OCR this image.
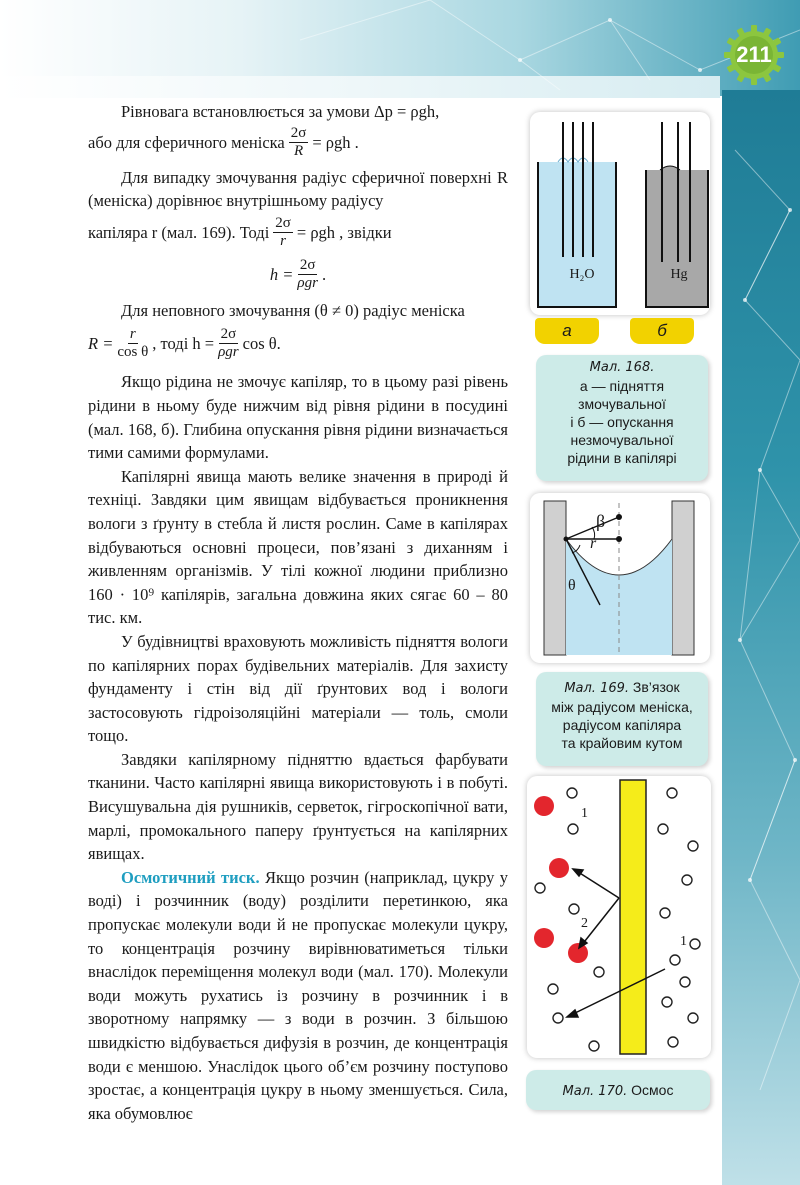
211

Рівновага встановлюється за умови Δp = ρgh,

або для сферичного меніска $\frac{2\sigma}{R} = \rho gh$ .

Для випадку змочування радіус сферичної поверхні R (меніска) дорівнює внутрішньому радіусу

капіляра r (мал. 169). Тоді $\frac{2\sigma}{r} = \rho gh$ , звідки
$h = \frac{2\sigma}{\text{ρgr}}$ .

Для неповного змочування (θ ≠ 0) радіус меніска

$R = \frac{r}{\text{cos θ}}$ , тоді $h = \frac{2\sigma}{\text{ρgr}}$ cos θ.

Якщо рідина не змочує капіляр, то в цьому разі рівень рідини в ньому буде нижчим від рівня рідини в посудині (мал. 168, б). Глибина опускання рівня рідини визначається тими самими формулами.

Капілярні явища мають велике значення в природі й техніці. Завдяки цим явищам відбувається проникнення вологи з ґрунту в стебла й листя рослин. Саме в капілярах відбуваються основні процеси, пов’язані з диханням і живленням організмів. У тілі кожної людини приблизно 160 · 10⁹ капілярів, загальна довжина яких сягає 60 – 80 тис. км.

У будівництві враховують можливість підняття вологи по капілярних порах будівельних матеріалів. Для захисту фундаменту і стін від дії ґрунтових вод і вологи застосовують гідроізоляційні матеріали — толь, смоли тощо.

Завдяки капілярному підняттю вдається фарбувати тканини. Часто капілярні явища використовують і в побуті. Висушувальна дія рушників, серветок, гігроскопічної вати, марлі, промокального паперу ґрунтується на капілярних явищах.

Осмотичний тиск. Якщо розчин (наприклад, цукру у воді) і розчинник (воду) розділити перетинкою, яка пропускає молекули води й не пропускає молекули цукру, то концентрація розчину вирівнюватиметься тільки внаслідок переміщення молекул води (мал. 170). Молекули води можуть рухатись із розчину в розчинник і в зворотному напрямку — з води в розчин. З більшою швидкістю відбувається дифузія в розчин, де концентрація води є меншою. Унаслідок цього об’єм розчину поступово зростає, а концентрація цукру в ньому зменшується. Сила, яка обумовлює

H₂O	Hg
а	б
Мал. 168.
а — підняття
змочувальної
і б — опускання
незмочувальної
рідини в капілярі
β
r
θ
Мал. 169. Зв’язок
між радіусом меніска,
радіусом капіляра
та крайовим кутом
1
2
1
Мал. 170. Осмос
